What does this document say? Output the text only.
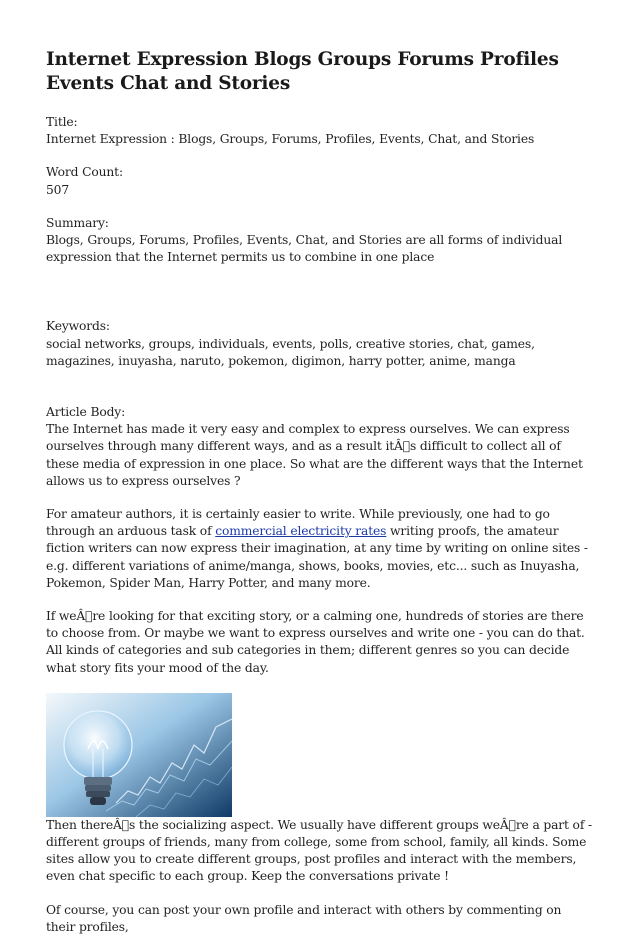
Internet Expression Blogs Groups Forums Profiles Events Chat and Stories
Title:
Internet Expression : Blogs, Groups, Forums, Profiles, Events, Chat, and Stories
Word Count:
507
Summary:
Blogs, Groups, Forums, Profiles, Events, Chat, and Stories are all forms of individual expression that the Internet permits us to combine in one place
Keywords:
social networks, groups, individuals, events, polls, creative stories, chat, games, magazines, inuyasha, naruto, pokemon, digimon, harry potter, anime, manga
Article Body:

The Internet has made it very easy and complex to express ourselves. We can express ourselves through many different ways, and as a result itÂ s difficult to collect all of these media of expression in one place. So what are the different ways that the Internet allows us to express ourselves ?

For amateur authors, it is certainly easier to write. While previously, one had to go through an arduous task of commercial electricity rates writing proofs, the amateur fiction writers can now express their imagination, at any time by writing on online sites - e.g. different variations of anime/manga, shows, books, movies, etc... such as Inuyasha, Pokemon, Spider Man, Harry Potter, and many more.

If weÂ re looking for that exciting story, or a calming one, hundreds of stories are there to choose from. Or maybe we want to express ourselves and write one - you can do that. All kinds of categories and sub categories in them; different genres so you can decide what story fits your mood of the day.

Then thereÂ s the socializing aspect. We usually have different groups weÂ re a part of - different groups of friends, many from college, some from school, family, all kinds. Some sites allow you to create different groups, post profiles and interact with the members, even chat specific to each group. Keep the conversations private !

Of course, you can post your own profile and interact with others by commenting on their profiles,
